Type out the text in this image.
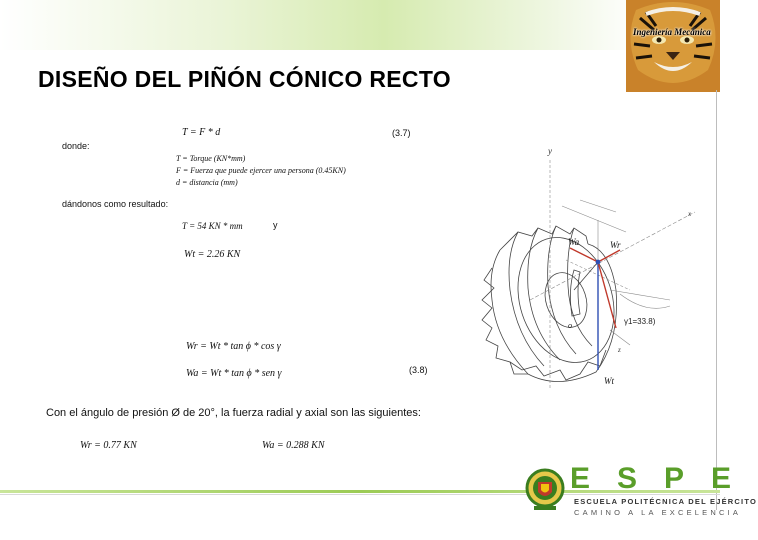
DISEÑO DEL PIÑÓN CÓNICO RECTO
Ingeniería Mecánica
T = F * d	(3.7)
donde:
T = Torque (KN*mm)
F = Fuerza que puede ejercer una persona (0.45KN)
d = distancia (mm)
dándonos como resultado:
T = 54 KN * mm	y
Wt = 2.26 KN
Wr = Wt * tan ϕ * cos γ
Wa = Wt * tan ϕ * sen γ	(3.8)
Con el ángulo de presión Ø de 20°, la fuerza radial y axial son las siguientes:
Wr = 0.77 KN	Wa = 0.288 KN
y
x
z
Wa	Wr
Wt
o	γ1=33.8)
ESPE
ESCUELA POLITÉCNICA DEL EJÉRCITO
CAMINO A LA EXCELENCIA
